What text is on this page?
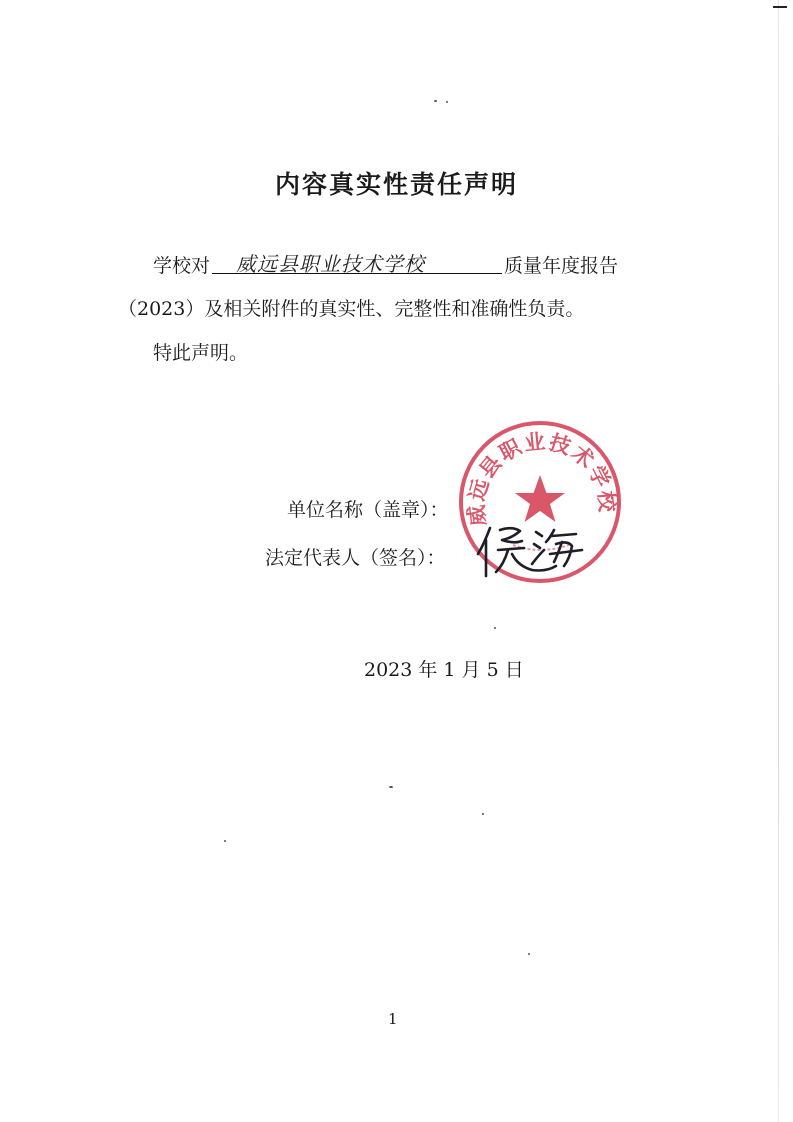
内容真实性责任声明
学校对 威远县职业技术学校	质量年度报告
（2023）及相关附件的真实性、完整性和准确性负责。
特此声明。
单位名称（盖章）：
法定代表人（签名）：
威远县职业技术学校
2023 年 1 月 5 日
1
